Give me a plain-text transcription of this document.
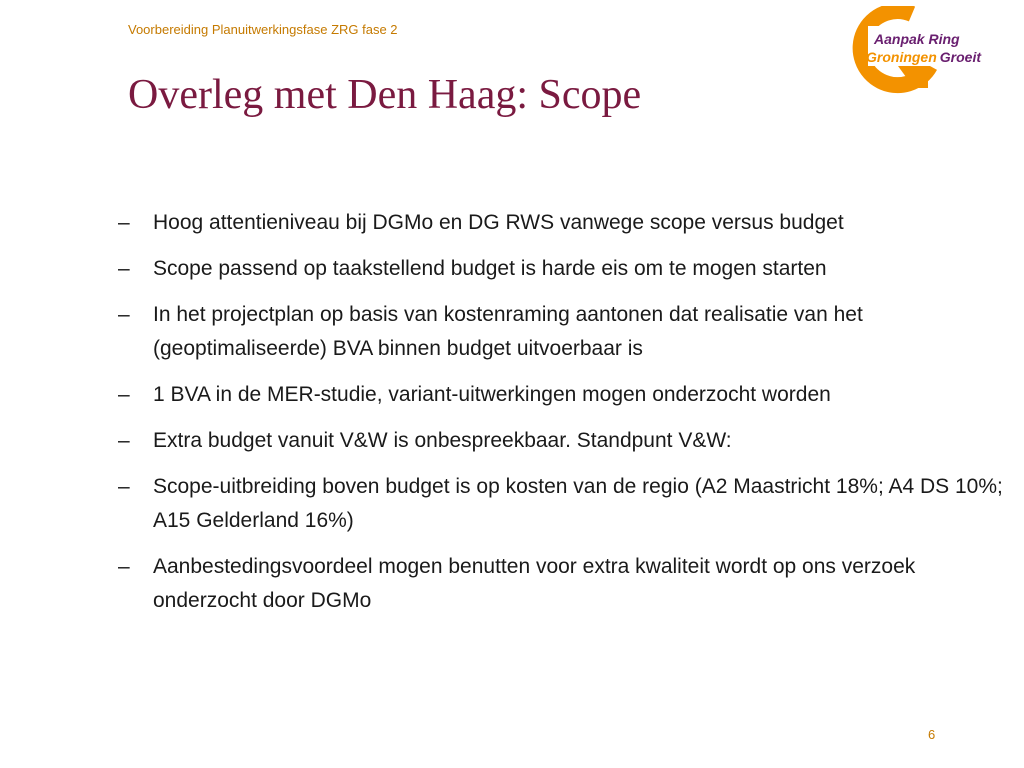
Voorbereiding Planuitwerkingsfase ZRG fase 2
Overleg met Den Haag: Scope
Aanpak Ring
Groningen Groeit
–	Hoog attentieniveau bij DGMo en DG RWS vanwege scope versus budget
–	Scope passend op taakstellend budget is harde eis om te mogen starten
–	In het projectplan op basis van kostenraming aantonen dat realisatie van het (geoptimaliseerde) BVA binnen budget uitvoerbaar is
–	1 BVA in de MER-studie, variant-uitwerkingen mogen onderzocht worden
–	Extra budget vanuit V&W is onbespreekbaar. Standpunt V&W:
–	Scope-uitbreiding boven budget is op kosten van de regio (A2 Maastricht 18%; A4 DS 10%; A15 Gelderland 16%)
–	Aanbestedingsvoordeel mogen benutten voor extra kwaliteit wordt op ons verzoek onderzocht door DGMo
6
